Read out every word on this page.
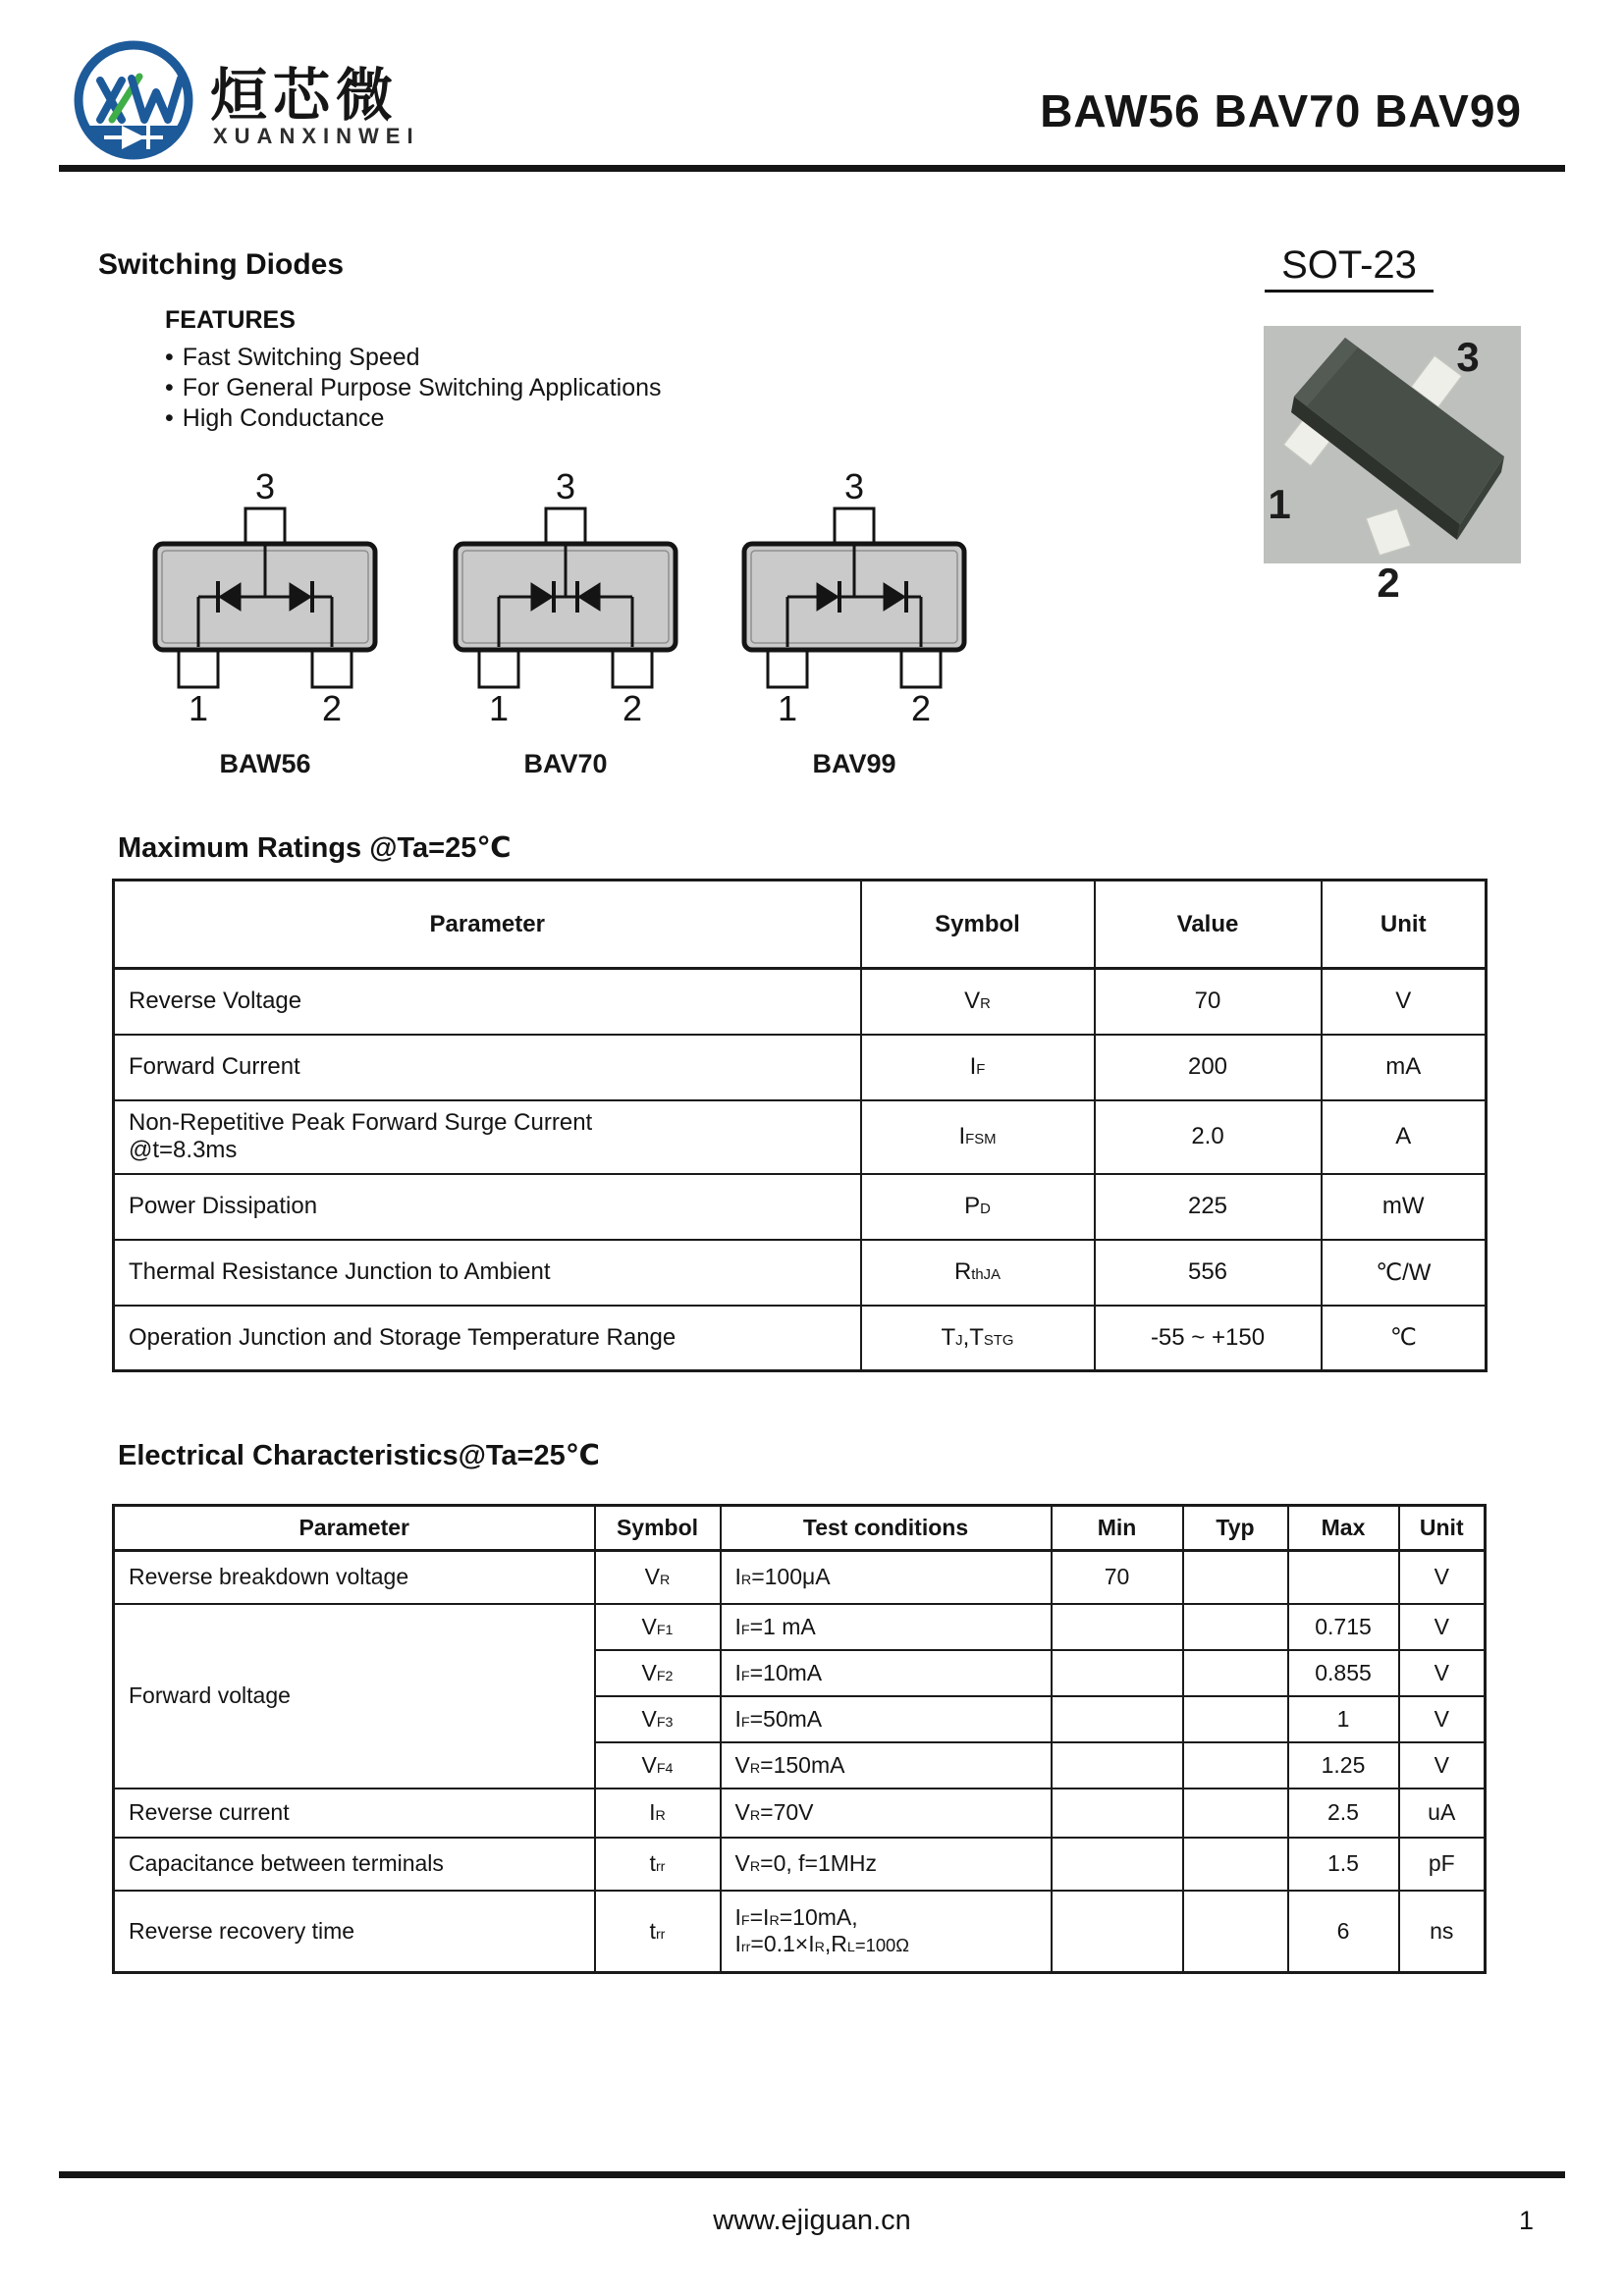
烜芯微
XUANXINWEI	BAW56 BAV70 BAV99
Switching Diodes
FEATURES
• Fast Switching Speed
• For General Purpose Switching Applications
• High Conductance
SOT-23
3
1
2
3
1	2
BAW56
3
1	2
BAV70
3
1	2
BAV99
Maximum Ratings @Ta=25℃
Parameter	Symbol	Value	Unit
Reverse Voltage	VR	70	V
Forward Current	IF	200	mA

Non-Repetitive Peak Forward Surge Current
@t=8.3ms	IFSM	2.0	A
Power Dissipation	PD	225	mW
Thermal Resistance Junction to Ambient	RthJA	556	℃/W
Operation Junction and Storage Temperature Range	TJ,TSTG	-55 ~ +150	℃
Electrical Characteristics@Ta=25℃
Parameter	Symbol	Test conditions	Min	Typ	Max	Unit
Reverse breakdown voltage	VR	IR=100μA	70			V
Forward voltage	VF1	IF=1 mA			0.715	V
	VF2	IF=10mA			0.855	V
	VF3	IF=50mA			1	V
	VF4	VR=150mA			1.25	V
Reverse current	IR	VR=70V			2.5	uA
Capacitance between terminals	trr	VR=0, f=1MHz			1.5	pF
Reverse recovery time	trr	IF=IR=10mA,
Irr=0.1×IR,RL=100Ω			6	ns
www.ejiguan.cn	1
